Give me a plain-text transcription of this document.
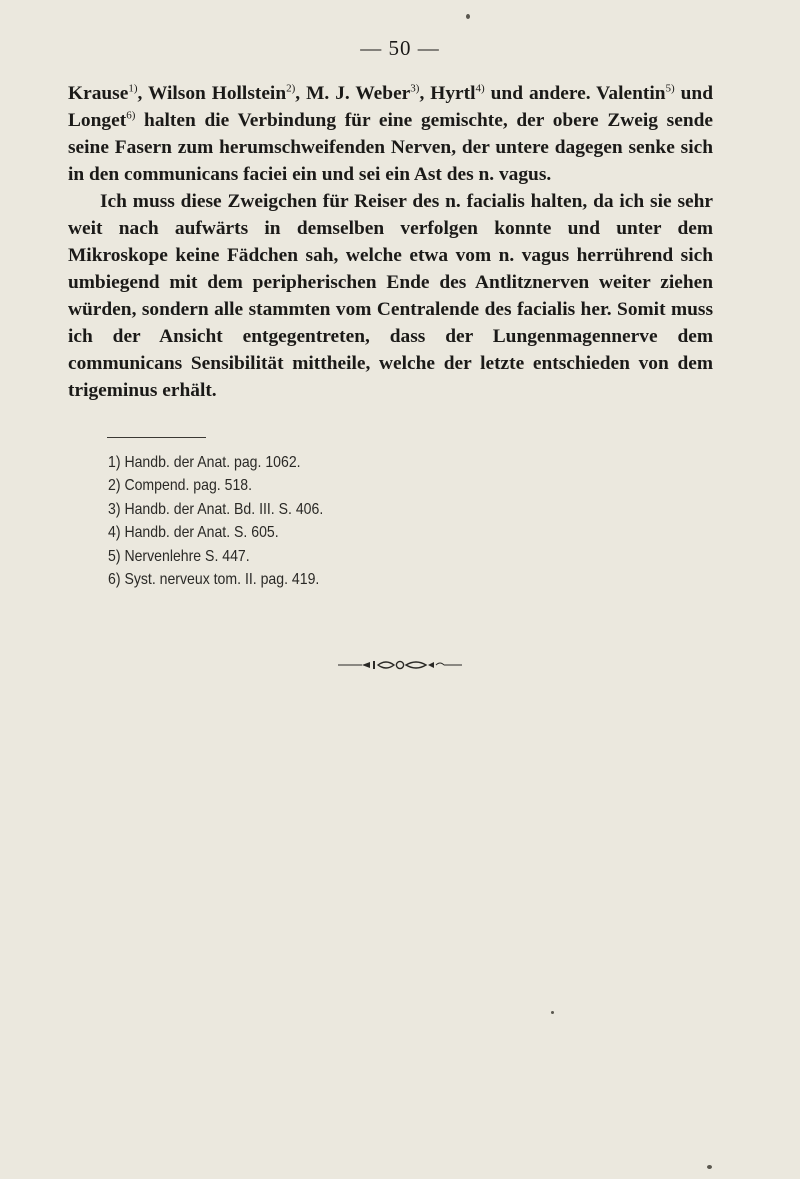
— 50 —

Krause$^{1)}$, Wilson Hollstein$^{2)}$, M. J. Weber$^{3)}$, Hyrtl$^{4)}$ und andere. Valentin$^{5)}$ und Longet$^{6)}$ halten die Verbindung für eine gemischte, der obere Zweig sende seine Fasern zum herumschweifenden Nerven, der untere dagegen senke sich in den communicans faciei ein und sei ein Ast des n. vagus.

Ich muss diese Zweigchen für Reiser des n. facialis halten, da ich sie sehr weit nach aufwärts in demselben verfolgen konnte und unter dem Mikroskope keine Fädchen sah, welche etwa vom n. vagus herrührend sich umbiegend mit dem peripherischen Ende des Antlitznerven weiter ziehen würden, sondern alle stammten vom Centralende des facialis her. Somit muss ich der Ansicht entgegentreten, dass der Lungenmagennerve dem communicans Sensibilität mittheile, welche der letzte entschieden von dem trigeminus erhält.

1) Handb. der Anat. pag. 1062.
2) Compend. pag. 518.
3) Handb. der Anat. Bd. III. S. 406.
4) Handb. der Anat. S. 605.
5) Nervenlehre S. 447.
6) Syst. nerveux tom. II. pag. 419.
